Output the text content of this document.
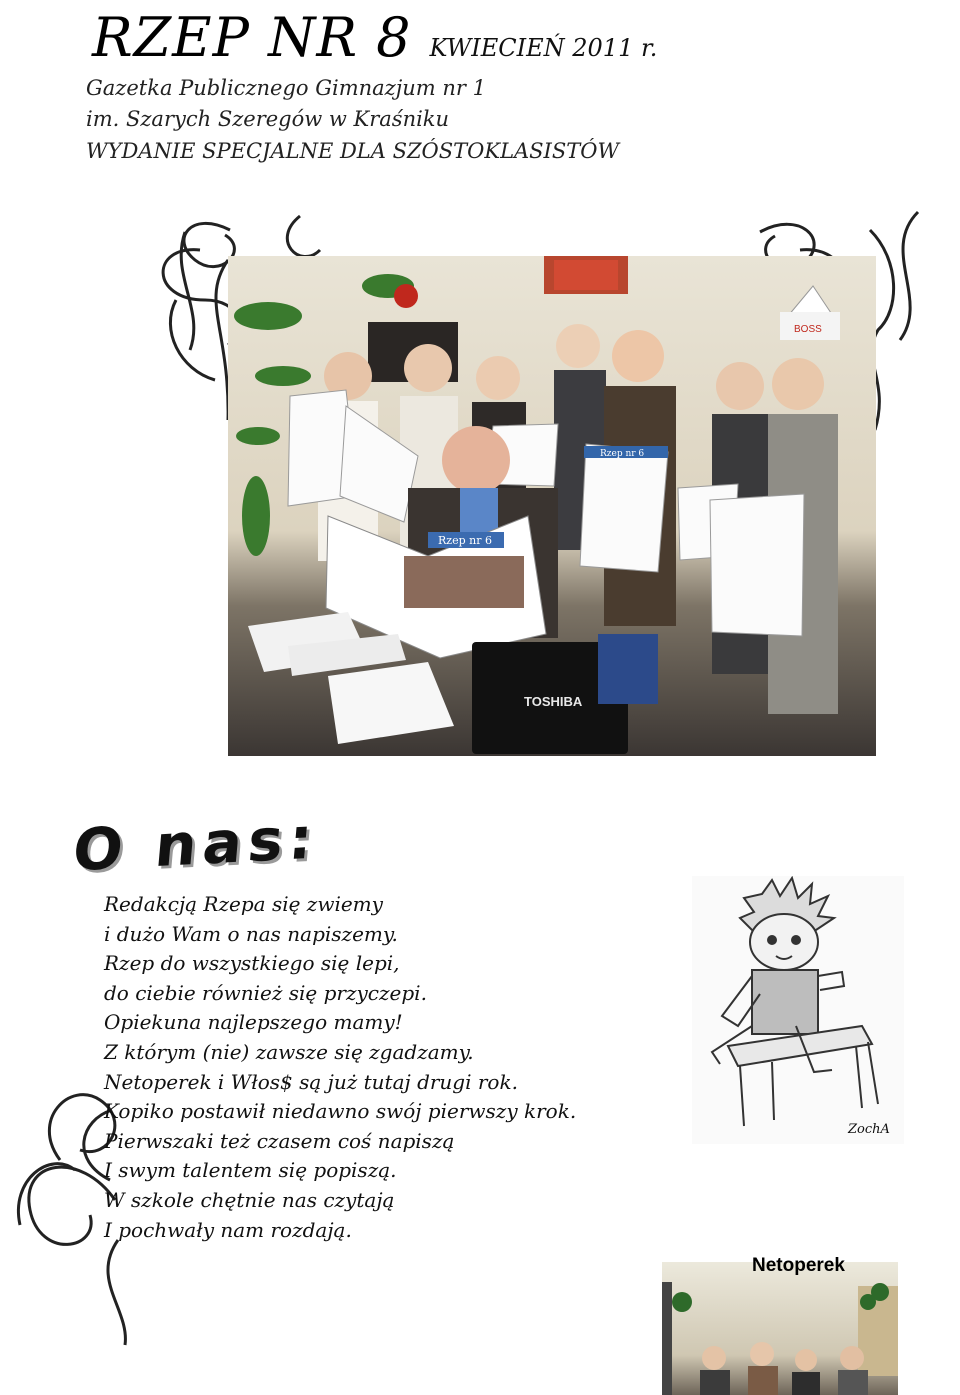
RZEP NR 8 KWIECIEŃ 2011 r.
Gazetka Publicznego Gimnazjum nr 1
im. Szarych Szeregów w Kraśniku
WYDANIE SPECJALNE DLA SZÓSTOKLASISTÓW
BOSS
Rzep nr 6
Rzep nr 6
TOSHIBA
O nas:
Redakcją Rzepa się zwiemy
i dużo Wam o nas napiszemy.
Rzep do wszystkiego się lepi,
do ciebie również się przyczepi.
Opiekuna najlepszego mamy!
Z którym (nie) zawsze się zgadzamy.
Netoperek i Włos$ są już tutaj drugi rok.
Kopiko postawił niedawno swój pierwszy krok.
Pierwszaki też czasem coś napiszą
I swym talentem się popiszą.
W szkole chętnie nas czytają
I pochwały nam rozdają.
ZochA
Netoperek
